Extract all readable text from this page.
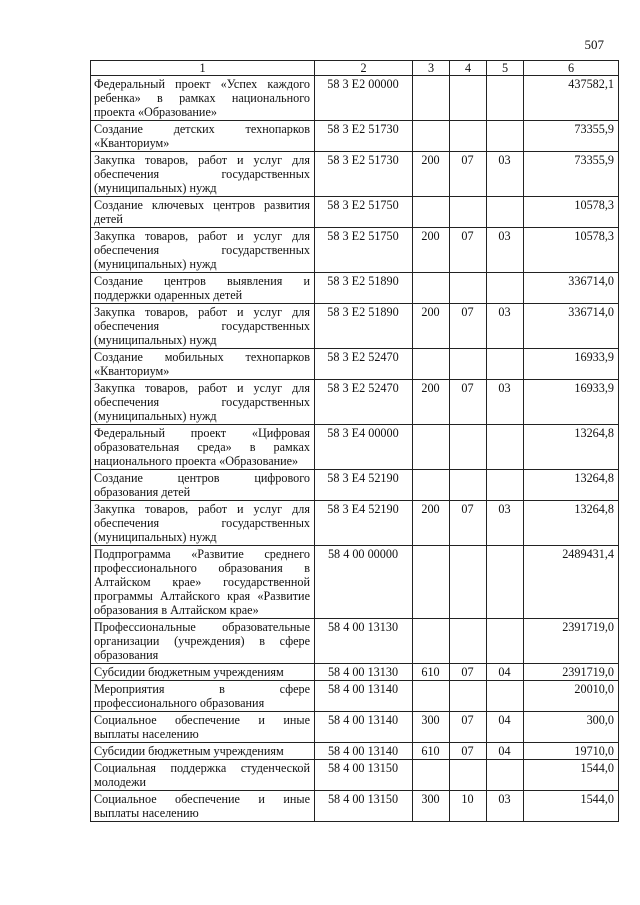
507
1	2	3	4	5	6
Федеральный проект «Успех каждого ребенка» в рамках национального проекта «Образование»	58 3 E2 00000				437582,1
Создание детских технопарков «Кванториум»	58 3 E2 51730				73355,9
Закупка товаров, работ и услуг для обеспечения государственных (муниципальных) нужд	58 3 E2 51730	200	07	03	73355,9
Создание ключевых центров развития детей	58 3 E2 51750				10578,3
Закупка товаров, работ и услуг для обеспечения государственных (муниципальных) нужд	58 3 E2 51750	200	07	03	10578,3
Создание центров выявления и поддержки одаренных детей	58 3 E2 51890				336714,0
Закупка товаров, работ и услуг для обеспечения государственных (муниципальных) нужд	58 3 E2 51890	200	07	03	336714,0
Создание мобильных технопарков «Кванториум»	58 3 E2 52470				16933,9
Закупка товаров, работ и услуг для обеспечения государственных (муниципальных) нужд	58 3 E2 52470	200	07	03	16933,9
Федеральный проект «Цифровая образовательная среда» в рамках национального проекта «Образование»	58 3 E4 00000				13264,8
Создание центров цифрового образования детей	58 3 E4 52190				13264,8
Закупка товаров, работ и услуг для обеспечения государственных (муниципальных) нужд	58 3 E4 52190	200	07	03	13264,8
Подпрограмма «Развитие среднего профессионального образования в Алтайском крае» государственной программы Алтайского края «Развитие образования в Алтайском крае»	58 4 00 00000				2489431,4
Профессиональные образовательные организации (учреждения) в сфере образования	58 4 00 13130				2391719,0
Субсидии бюджетным учреждениям	58 4 00 13130	610	07	04	2391719,0
Мероприятия в сфере профессионального образования	58 4 00 13140				20010,0
Социальное обеспечение и иные выплаты населению	58 4 00 13140	300	07	04	300,0
Субсидии бюджетным учреждениям	58 4 00 13140	610	07	04	19710,0
Социальная поддержка студенческой молодежи	58 4 00 13150				1544,0
Социальное обеспечение и иные выплаты населению	58 4 00 13150	300	10	03	1544,0
